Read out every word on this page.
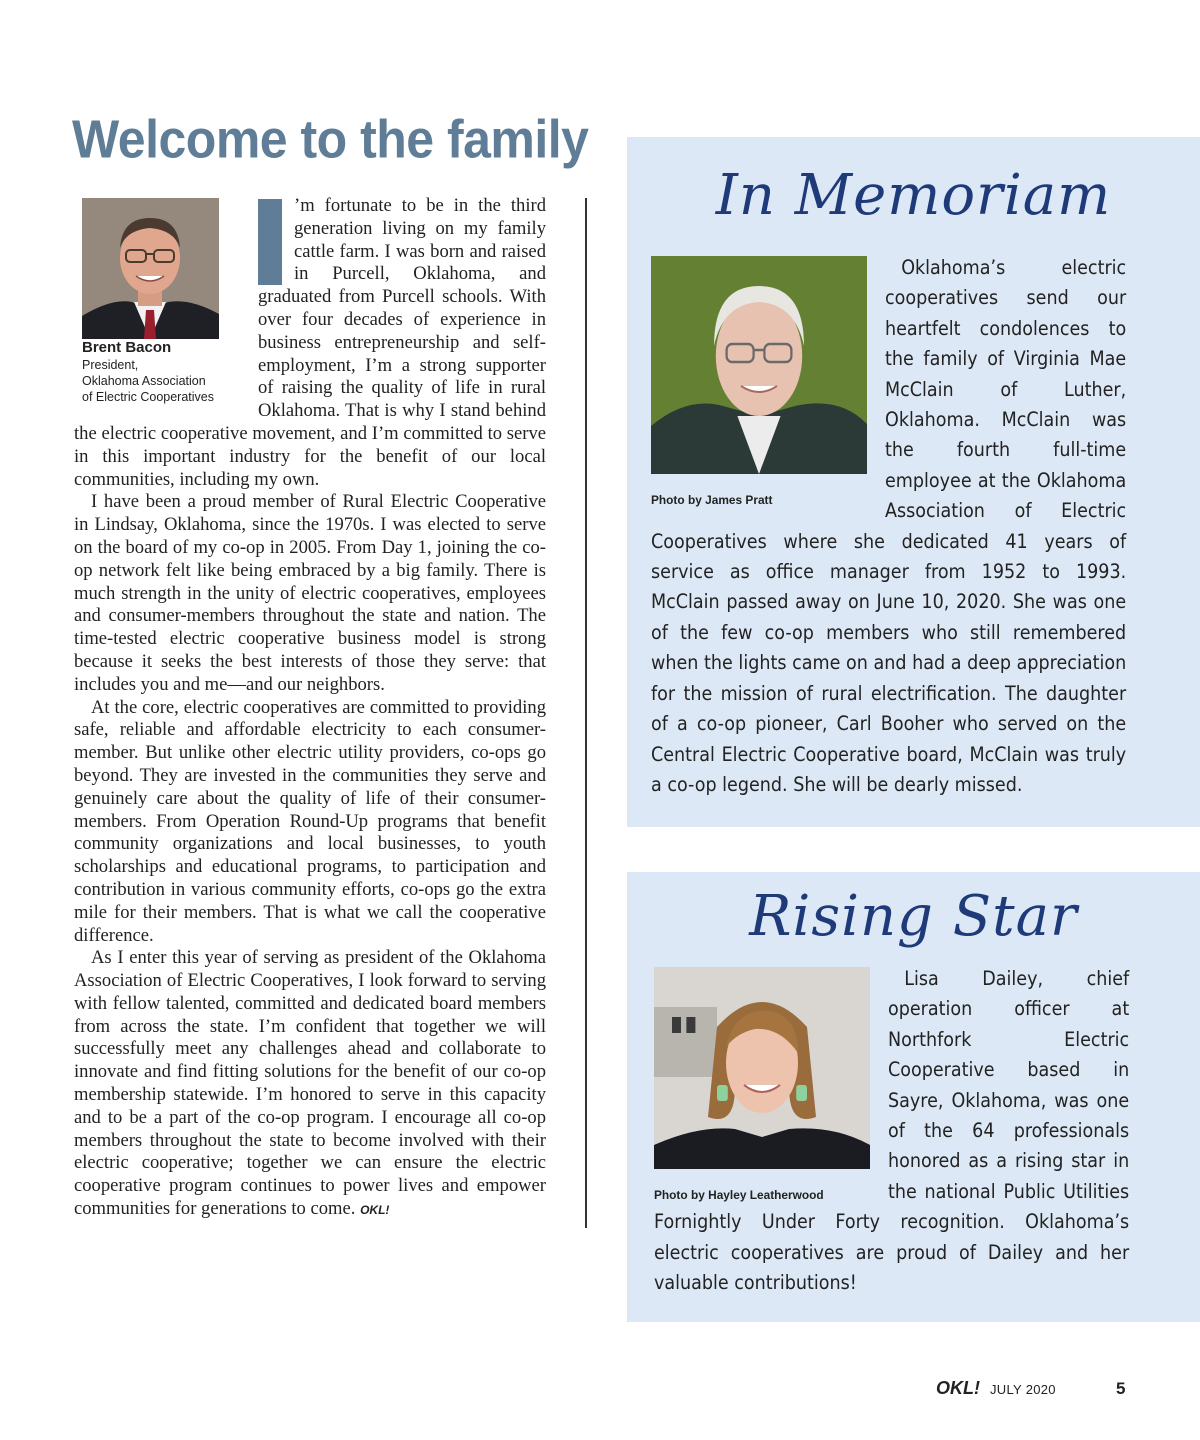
Welcome to the family

Brent Bacon
President,
Oklahoma Association
of Electric Cooperatives
’m fortunate to be in the third generation living on my family cattle farm. I was born and raised in Purcell, Oklahoma, and graduated from Purcell schools. With over four decades of experience in business entrepreneurship and self-employment, I’m a strong supporter of raising the quality of life in rural Oklahoma. That is why I stand behind the electric cooperative movement, and I’m committed to serve in this important industry for the benefit of our local communities, including my own.

I have been a proud member of Rural Electric Cooperative in Lindsay, Oklahoma, since the 1970s. I was elected to serve on the board of my co-op in 2005. From Day 1, joining the co-op network felt like being embraced by a big family. There is much strength in the unity of electric cooperatives, employees and consumer-members throughout the state and nation. The time-tested electric cooperative business model is strong because it seeks the best interests of those they serve: that includes you and me—and our neighbors.

At the core, electric cooperatives are committed to providing safe, reliable and affordable electricity to each consumer-member. But unlike other electric utility providers, co-ops go beyond. They are invested in the communities they serve and genuinely care about the quality of life of their consumer-members. From Operation Round-Up programs that benefit community organizations and local businesses, to youth scholarships and educational programs, to participation and contribution in various community efforts, co-ops go the extra mile for their members. That is what we call the cooperative difference.

As I enter this year of serving as president of the Oklahoma Association of Electric Cooperatives, I look forward to serving with fellow talented, committed and dedicated board members from across the state. I’m confident that together we will successfully meet any challenges ahead and collaborate to innovate and find fitting solutions for the benefit of our co-op membership statewide. I’m honored to serve in this capacity and to be a part of the co-op program. I encourage all co-op members throughout the state to become involved with their electric cooperative; together we can ensure the electric cooperative program continues to power lives and empower communities for generations to come. OKL!

In Memoriam
Photo by James Pratt

Oklahoma’s electric cooperatives send our heartfelt condolences to the family of Virginia Mae McClain of Luther, Oklahoma. McClain was the fourth full-time employee at the Oklahoma Association of Electric Cooperatives where she dedicated 41 years of service as office manager from 1952 to 1993. McClain passed away on June 10, 2020. She was one of the few co-op members who still remembered when the lights came on and had a deep appreciation for the mission of rural electrification. The daughter of a co-op pioneer, Carl Booher who served on the Central Electric Cooperative board, McClain was truly a co-op legend. She will be dearly missed.

Rising Star
Photo by Hayley Leatherwood

Lisa Dailey, chief operation officer at Northfork Electric Cooperative based in Sayre, Oklahoma, was one of the 64 professionals honored as a rising star in the national Public Utilities Fornightly Under Forty recognition. Oklahoma’s electric cooperatives are proud of Dailey and her valuable contributions!

OKL! JULY 2020	5
